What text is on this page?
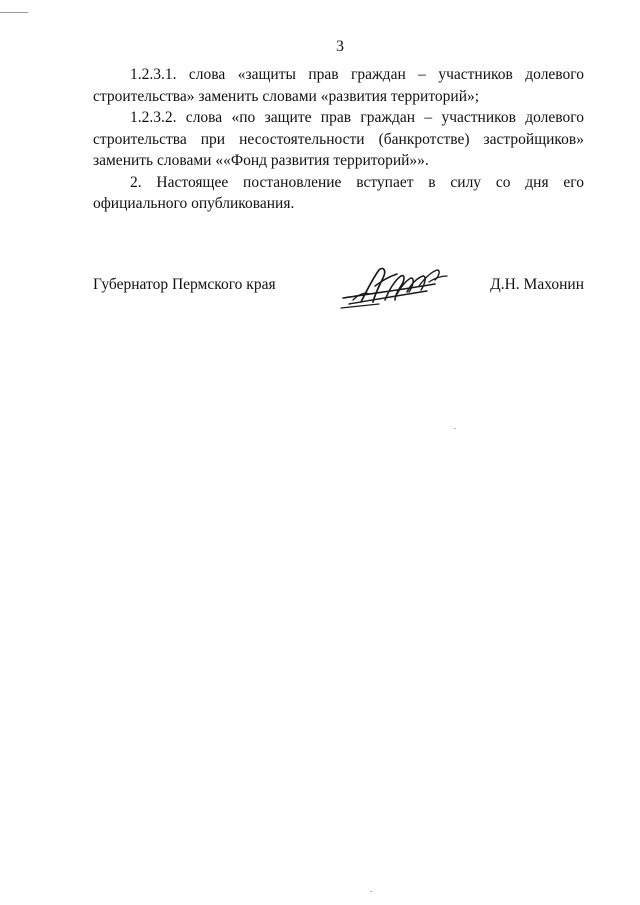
3

1.2.3.1. слова «защиты прав граждан – участников долевого строительства» заменить словами «развития территорий»;

1.2.3.2. слова «по защите прав граждан – участников долевого строительства при несостоятельности (банкротстве) застройщиков» заменить словами ««Фонд развития территорий»».

2. Настоящее постановление вступает в силу со дня его официального опубликования.

Губернатор Пермского края	Д.Н. Махонин
